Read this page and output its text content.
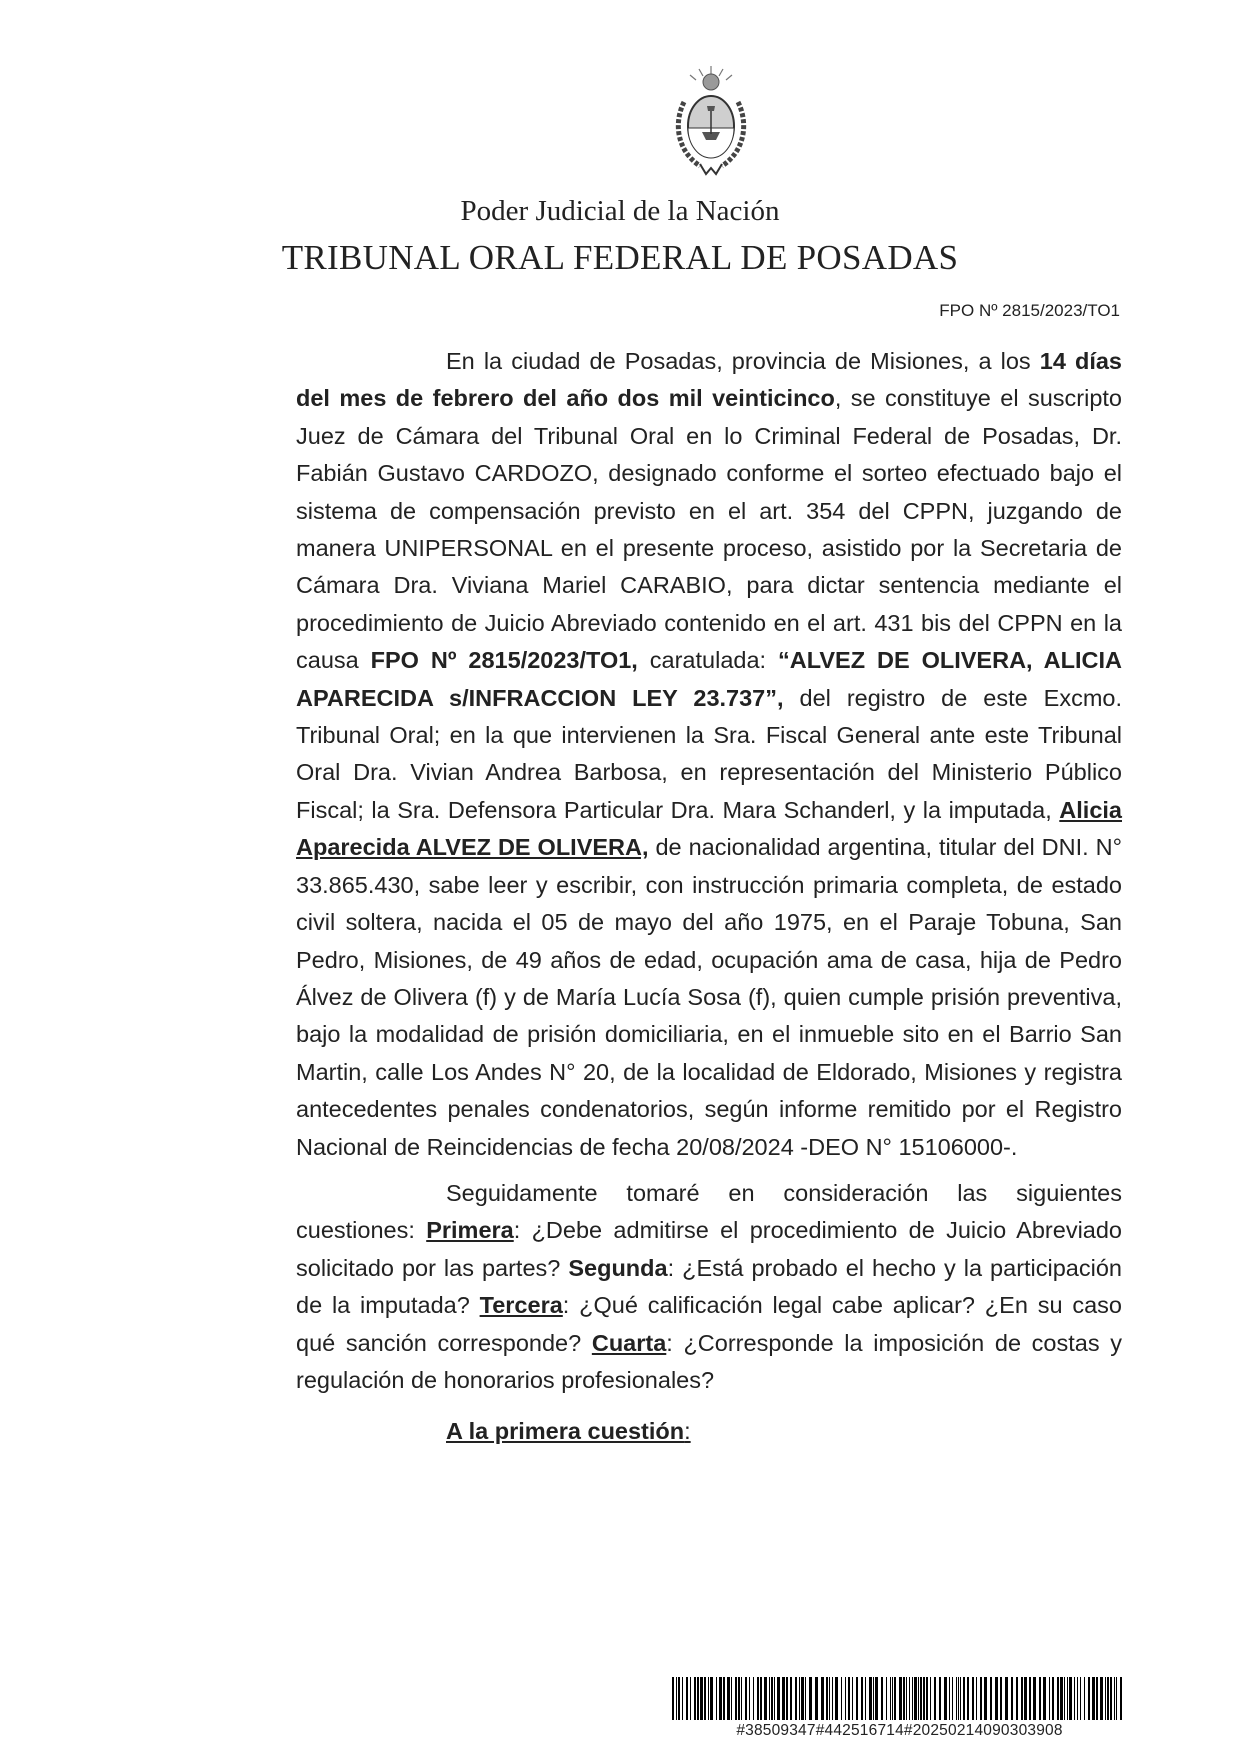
Poder Judicial de la Nación
TRIBUNAL ORAL FEDERAL DE POSADAS
FPO Nº 2815/2023/TO1

En la ciudad de Posadas, provincia de Misiones, a los 14 días del mes de febrero del año dos mil veinticinco, se constituye el suscripto Juez de Cámara del Tribunal Oral en lo Criminal Federal de Posadas, Dr. Fabián Gustavo CARDOZO, designado conforme el sorteo efectuado bajo el sistema de compensación previsto en el art. 354 del CPPN, juzgando de manera UNIPERSONAL en el presente proceso, asistido por la Secretaria de Cámara Dra. Viviana Mariel CARABIO, para dictar sentencia mediante el procedimiento de Juicio Abreviado contenido en el art. 431 bis del CPPN en la causa FPO Nº 2815/2023/TO1, caratulada: “ALVEZ DE OLIVERA, ALICIA APARECIDA s/INFRACCION LEY 23.737”, del registro de este Excmo. Tribunal Oral; en la que intervienen la Sra. Fiscal General ante este Tribunal Oral Dra. Vivian Andrea Barbosa, en representación del Ministerio Público Fiscal; la Sra. Defensora Particular Dra. Mara Schanderl, y la imputada, Alicia Aparecida ALVEZ DE OLIVERA, de nacionalidad argentina, titular del DNI. N° 33.865.430, sabe leer y escribir, con instrucción primaria completa, de estado civil soltera, nacida el 05 de mayo del año 1975, en el Paraje Tobuna, San Pedro, Misiones, de 49 años de edad, ocupación ama de casa, hija de Pedro Álvez de Olivera (f) y de María Lucía Sosa (f), quien cumple prisión preventiva, bajo la modalidad de prisión domiciliaria, en el inmueble sito en el Barrio San Martin, calle Los Andes N° 20, de la localidad de Eldorado, Misiones y registra antecedentes penales condenatorios, según informe remitido por el Registro Nacional de Reincidencias de fecha 20/08/2024 -DEO N° 15106000-.

Seguidamente tomaré en consideración las siguientes cuestiones: Primera: ¿Debe admitirse el procedimiento de Juicio Abreviado solicitado por las partes? Segunda: ¿Está probado el hecho y la participación de la imputada? Tercera: ¿Qué calificación legal cabe aplicar? ¿En su caso qué sanción corresponde? Cuarta: ¿Corresponde la imposición de costas y regulación de honorarios profesionales?

A la primera cuestión:

#38509347#442516714#20250214090303908
